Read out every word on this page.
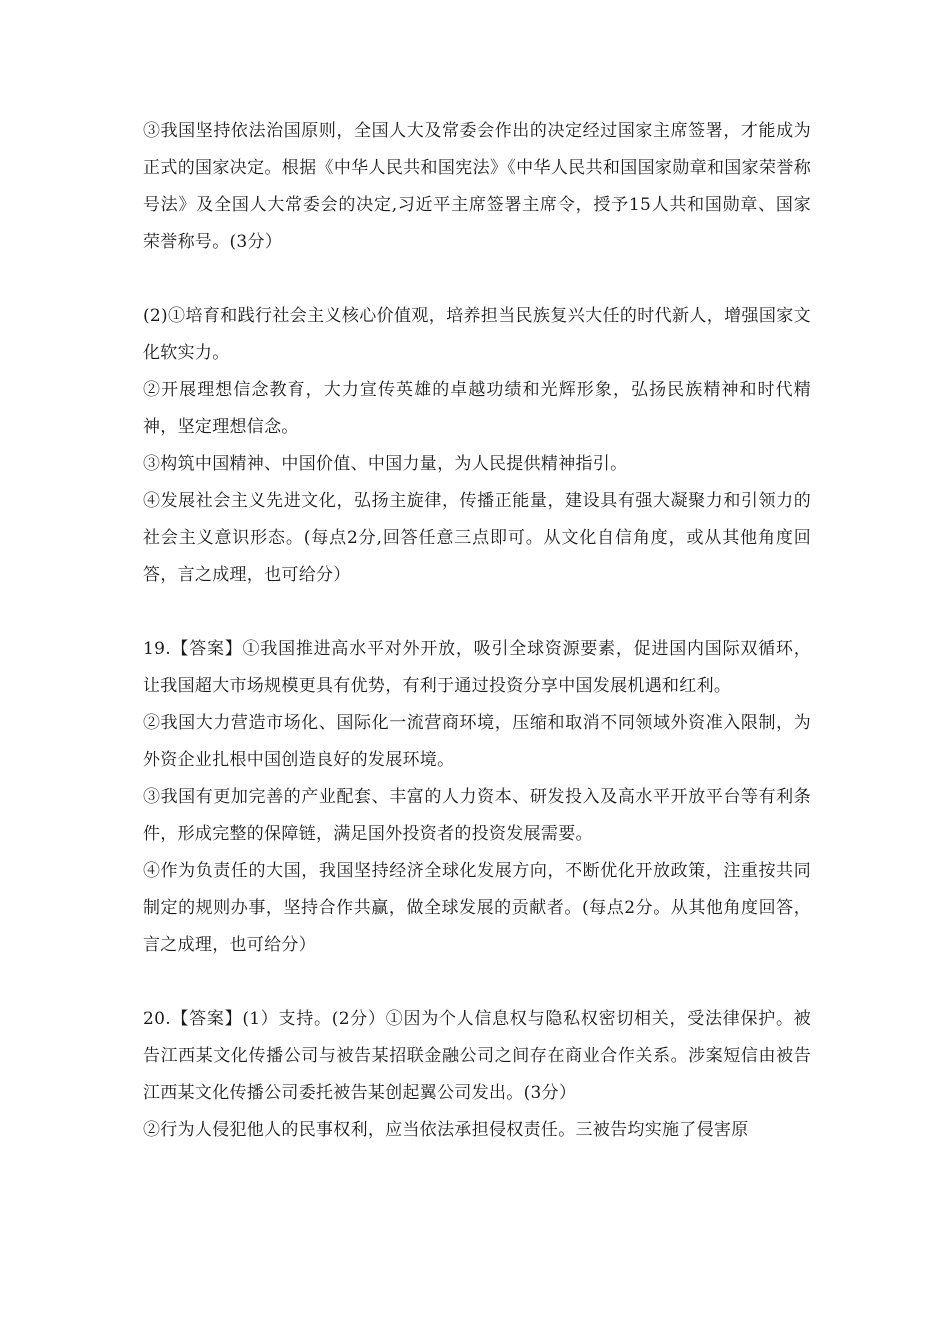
③我国坚持依法治国原则，全国人大及常委会作出的决定经过国家主席签署，才能成为正式的国家决定。根据《中华人民共和国宪法》《中华人民共和国国家勋章和国家荣誉称号法》及全国人大常委会的决定,习近平主席签署主席令，授予15人共和国勋章、国家荣誉称号。(3分）

(2)①培育和践行社会主义核心价值观，培养担当民族复兴大任的时代新人，增强国家文化软实力。

②开展理想信念教育，大力宣传英雄的卓越功绩和光辉形象，弘扬民族精神和时代精神，坚定理想信念。

③构筑中国精神、中国价值、中国力量，为人民提供精神指引。

④发展社会主义先进文化，弘扬主旋律，传播正能量，建设具有强大凝聚力和引领力的社会主义意识形态。(每点2分,回答任意三点即可。从文化自信角度，或从其他角度回答，言之成理，也可给分）

19.【答案】①我国推进高水平对外开放，吸引全球资源要素，促进国内国际双循环，让我国超大市场规模更具有优势，有利于通过投资分享中国发展机遇和红利。

②我国大力营造市场化、国际化一流营商环境，压缩和取消不同领域外资准入限制，为外资企业扎根中国创造良好的发展环境。

③我国有更加完善的产业配套、丰富的人力资本、研发投入及高水平开放平台等有利条件，形成完整的保障链，满足国外投资者的投资发展需要。

④作为负责任的大国，我国坚持经济全球化发展方向，不断优化开放政策，注重按共同制定的规则办事，坚持合作共赢，做全球发展的贡献者。(每点2分。从其他角度回答，言之成理，也可给分）

20.【答案】(1）支持。(2分）①因为个人信息权与隐私权密切相关，受法律保护。被告江西某文化传播公司与被告某招联金融公司之间存在商业合作关系。涉案短信由被告江西某文化传播公司委托被告某创起翼公司发出。(3分）

②行为人侵犯他人的民事权利，应当依法承担侵权责任。三被告均实施了侵害原
